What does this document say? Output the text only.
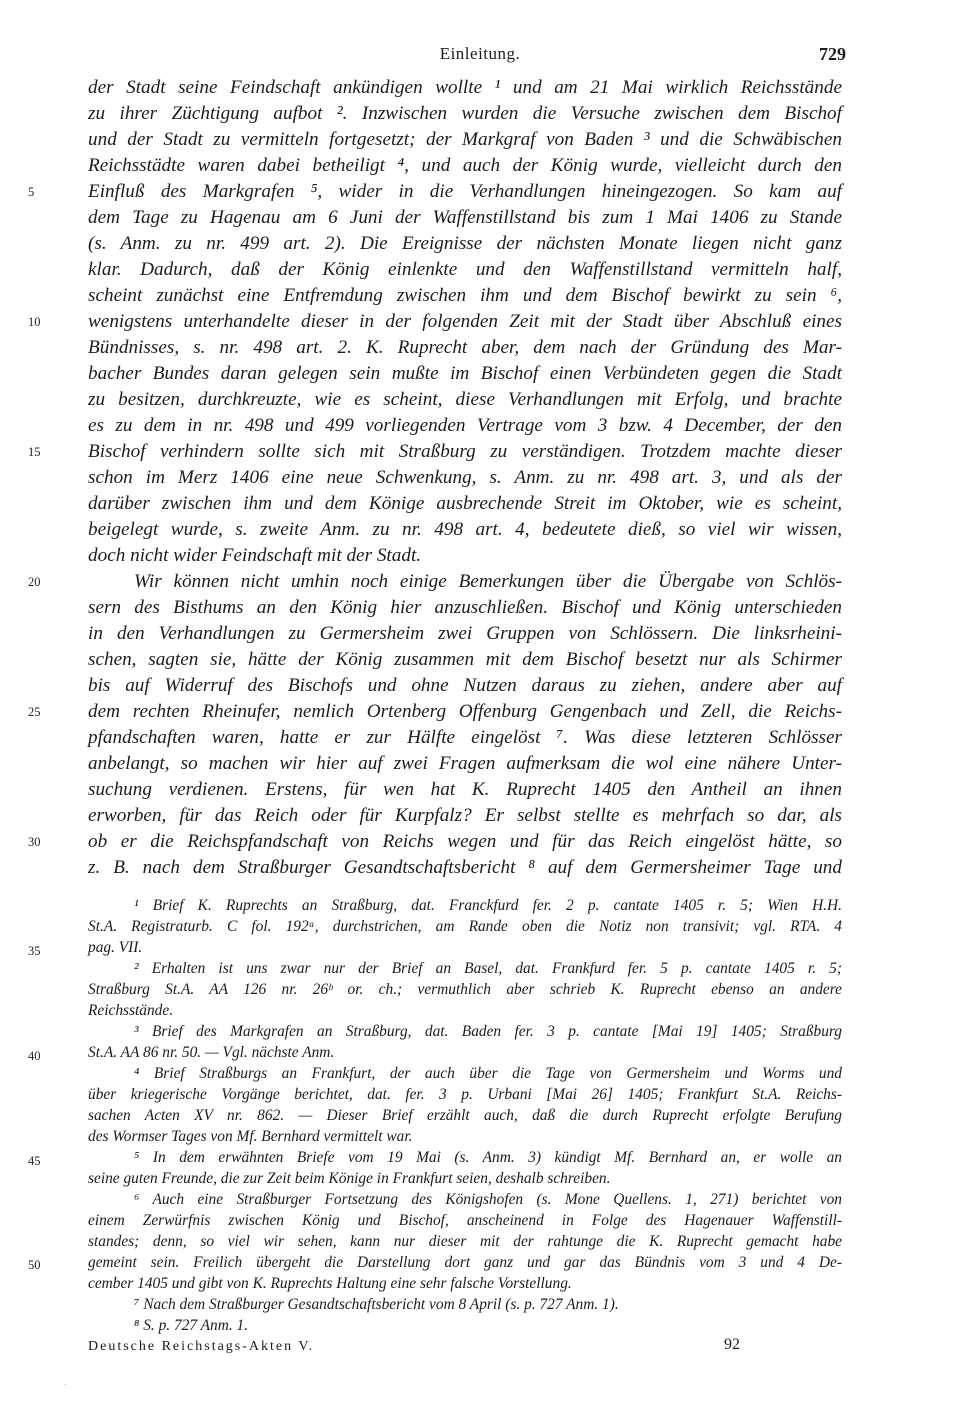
Einleitung.	729
der Stadt seine Feindschaft ankündigen wollte ¹ und am 21 Mai wirklich Reichsstände
zu ihrer Züchtigung aufbot ². Inzwischen wurden die Versuche zwischen dem Bischof
und der Stadt zu vermitteln fortgesetzt; der Markgraf von Baden ³ und die Schwäbischen
Reichsstädte waren dabei betheiligt ⁴, und auch der König wurde, vielleicht durch den
Einfluß des Markgrafen ⁵, wider in die Verhandlungen hineingezogen. So kam auf
dem Tage zu Hagenau am 6 Juni der Waffenstillstand bis zum 1 Mai 1406 zu Stande
(s. Anm. zu nr. 499 art. 2). Die Ereignisse der nächsten Monate liegen nicht ganz
klar. Dadurch, daß der König einlenkte und den Waffenstillstand vermitteln half,
scheint zunächst eine Entfremdung zwischen ihm und dem Bischof bewirkt zu sein ⁶,
wenigstens unterhandelte dieser in der folgenden Zeit mit der Stadt über Abschluß eines
Bündnisses, s. nr. 498 art. 2. K. Ruprecht aber, dem nach der Gründung des Mar-
bacher Bundes daran gelegen sein mußte im Bischof einen Verbündeten gegen die Stadt
zu besitzen, durchkreuzte, wie es scheint, diese Verhandlungen mit Erfolg, und brachte
es zu dem in nr. 498 und 499 vorliegenden Vertrage vom 3 bzw. 4 December, der den
Bischof verhindern sollte sich mit Straßburg zu verständigen. Trotzdem machte dieser
schon im Merz 1406 eine neue Schwenkung, s. Anm. zu nr. 498 art. 3, und als der
darüber zwischen ihm und dem Könige ausbrechende Streit im Oktober, wie es scheint,
beigelegt wurde, s. zweite Anm. zu nr. 498 art. 4, bedeutete dieß, so viel wir wissen,
doch nicht wider Feindschaft mit der Stadt.
Wir können nicht umhin noch einige Bemerkungen über die Übergabe von Schlös-
sern des Bisthums an den König hier anzuschließen. Bischof und König unterschieden
in den Verhandlungen zu Germersheim zwei Gruppen von Schlössern. Die linksrheini-
schen, sagten sie, hätte der König zusammen mit dem Bischof besetzt nur als Schirmer
bis auf Widerruf des Bischofs und ohne Nutzen daraus zu ziehen, andere aber auf
dem rechten Rheinufer, nemlich Ortenberg Offenburg Gengenbach und Zell, die Reichs-
pfandschaften waren, hatte er zur Hälfte eingelöst ⁷. Was diese letzteren Schlösser
anbelangt, so machen wir hier auf zwei Fragen aufmerksam die wol eine nähere Unter-
suchung verdienen. Erstens, für wen hat K. Ruprecht 1405 den Antheil an ihnen
erworben, für das Reich oder für Kurpfalz? Er selbst stellte es mehrfach so dar, als
ob er die Reichspfandschaft von Reichs wegen und für das Reich eingelöst hätte, so
z. B. nach dem Straßburger Gesandtschaftsbericht ⁸ auf dem Germersheimer Tage und
5
10
15
20
25
30
35
40
45
50
¹ Brief K. Ruprechts an Straßburg, dat. Franckfurd fer. 2 p. cantate 1405 r. 5; Wien H.H.
St.A. Registraturb. C fol. 192ᵃ, durchstrichen, am Rande oben die Notiz non transivit; vgl. RTA. 4
pag. VII.
² Erhalten ist uns zwar nur der Brief an Basel, dat. Frankfurd fer. 5 p. cantate 1405 r. 5;
Straßburg St.A. AA 126 nr. 26ᵇ or. ch.; vermuthlich aber schrieb K. Ruprecht ebenso an andere
Reichsstände.
³ Brief des Markgrafen an Straßburg, dat. Baden fer. 3 p. cantate [Mai 19] 1405; Straßburg
St.A. AA 86 nr. 50. — Vgl. nächste Anm.
⁴ Brief Straßburgs an Frankfurt, der auch über die Tage von Germersheim und Worms und
über kriegerische Vorgänge berichtet, dat. fer. 3 p. Urbani [Mai 26] 1405; Frankfurt St.A. Reichs-
sachen Acten XV nr. 862. — Dieser Brief erzählt auch, daß die durch Ruprecht erfolgte Berufung
des Wormser Tages von Mf. Bernhard vermittelt war.
⁵ In dem erwähnten Briefe vom 19 Mai (s. Anm. 3) kündigt Mf. Bernhard an, er wolle an
seine guten Freunde, die zur Zeit beim Könige in Frankfurt seien, deshalb schreiben.
⁶ Auch eine Straßburger Fortsetzung des Königshofen (s. Mone Quellens. 1, 271) berichtet von
einem Zerwürfnis zwischen König und Bischof, anscheinend in Folge des Hagenauer Waffenstill-
standes; denn, so viel wir sehen, kann nur dieser mit der rahtunge die K. Ruprecht gemacht habe
gemeint sein. Freilich übergeht die Darstellung dort ganz und gar das Bündnis vom 3 und 4 De-
cember 1405 und gibt von K. Ruprechts Haltung eine sehr falsche Vorstellung.
⁷ Nach dem Straßburger Gesandtschaftsbericht vom 8 April (s. p. 727 Anm. 1).
⁸ S. p. 727 Anm. 1.
Deutsche Reichstags-Akten V.	92
·
